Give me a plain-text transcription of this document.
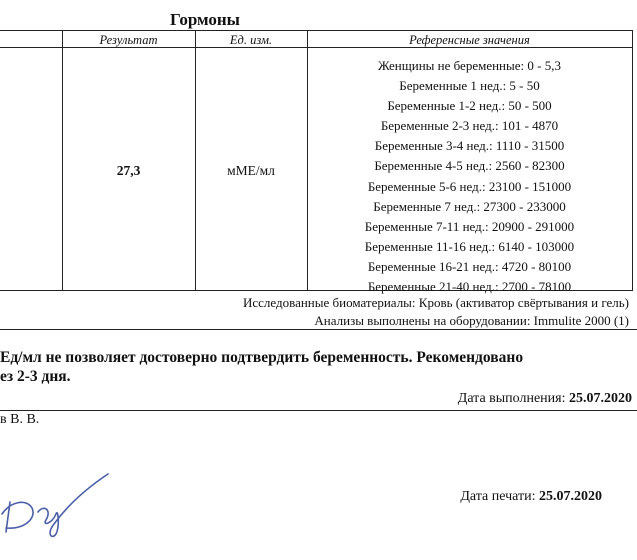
Гормоны
Результат	Ед. изм.	Референсные значения
27,3	мМЕ/мл
Женщины не беременные: 0 - 5,3
Беременные 1 нед.: 5 - 50
Беременные 1-2 нед.: 50 - 500
Беременные 2-3 нед.: 101 - 4870
Беременные 3-4 нед.: 1110 - 31500
Беременные 4-5 нед.: 2560 - 82300
Беременные 5-6 нед.: 23100 - 151000
Беременные 7 нед.: 27300 - 233000
Беременные 7-11 нед.: 20900 - 291000
Беременные 11-16 нед.: 6140 - 103000
Беременные 16-21 нед.: 4720 - 80100
Беременные 21-40 нед.: 2700 - 78100
Исследованные биоматериалы: Кровь (активатор свёртывания и гель)
Анализы выполнены на оборудовании: Immulite 2000 (1)
Ед/мл не позволяет достоверно подтвердить беременность. Рекомендовано
ез 2-3 дня.
Дата выполнения: 25.07.2020
в В. В.
Дата печати: 25.07.2020
